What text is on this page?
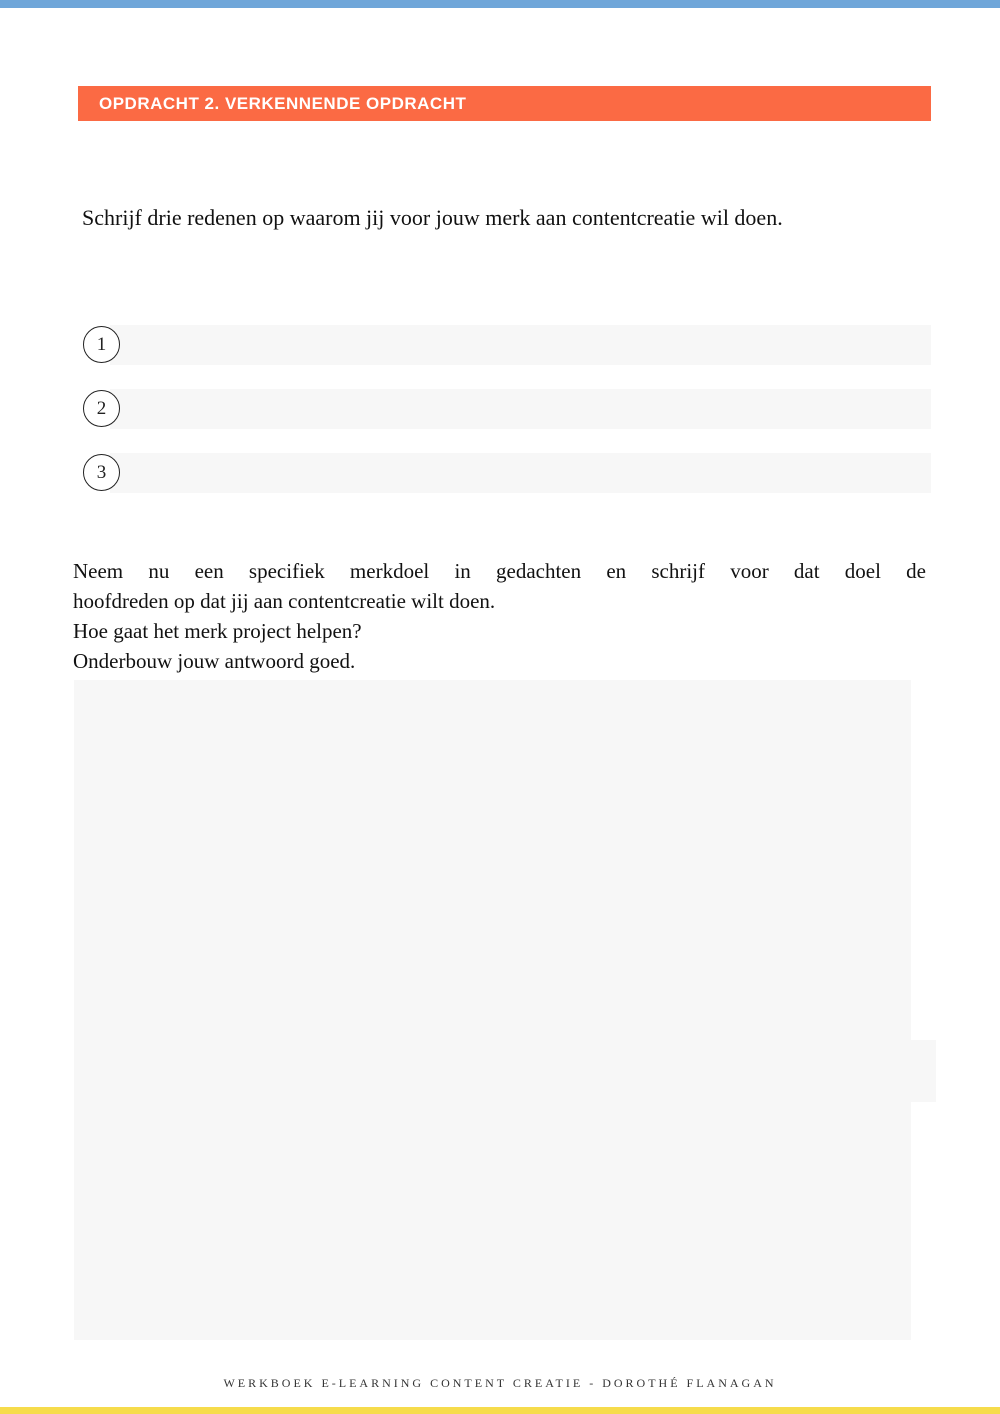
OPDRACHT 2. VERKENNENDE OPDRACHT
Schrijf drie redenen op waarom jij voor jouw merk aan contentcreatie wil doen.
1
2
3

Neem nu een specifiek merkdoel in gedachten en schrijf voor dat doel de

hoofdreden op dat jij aan contentcreatie wilt doen.

Hoe gaat het merk project helpen?

Onderbouw jouw antwoord goed.

WERKBOEK E-LEARNING CONTENT CREATIE - DOROTHÉ FLANAGAN
